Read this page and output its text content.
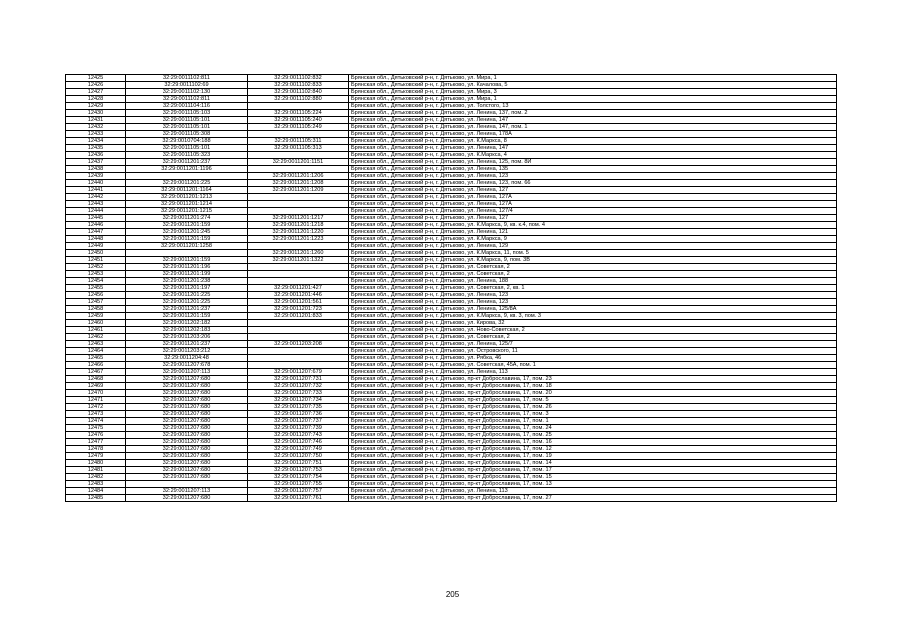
12425	32:29:0011102:811	32:29:0011102:832	Брянская обл., Дятьковский р-н, г. Дятьково, ул. Мира, 1
12426	32:29:0011102:69	32:29:0011102:833	Брянская обл., Дятьковский р-н, г. Дятьково, ул. Качалова, 5
12427	32:29:0011102:130	32:29:0011102:840	Брянская обл., Дятьковский р-н, г. Дятьково, ул. Мира, 3
12428	32:29:0011102:811	32:29:0011102:880	Брянская обл., Дятьковский р-н, г. Дятьково, ул. Мира, 1
12429	32:29:0011104:116		Брянская обл., Дятьковский р-н, г. Дятьково, ул. Толстого, 13
12430	32:29:0011105:103	32:29:0011105:224	Брянская обл., Дятьковский р-н, г. Дятьково, ул. Ленина, 137, пом. 2
12431	32:29:0011105:101	32:29:0011105:240	Брянская обл., Дятьковский р-н, г. Дятьково, ул. Ленина, 147
12432	32:29:0011105:101	32:29:0011105:249	Брянская обл., Дятьковский р-н, г. Дятьково, ул. Ленина, 147, пом. 1
12433	32:29:0011105:308		Брянская обл., Дятьковский р-н, г. Дятьково, ул. Ленина, 178А
12434	32:29:0010704:188	32:29:0011105:311	Брянская обл., Дятьковский р-н, г. Дятьково, ул. К.Маркса, 8
12435	32:29:0011105:101	32:29:0011105:313	Брянская обл., Дятьковский р-н, г. Дятьково, ул. Ленина, 147
12436	32:29:0011105:323		Брянская обл., Дятьковский р-н, г. Дятьково, ул. К.Маркса, 4
12437	32:29:0011201:237	32:29:0011201:1151	Брянская обл., Дятьковский р-н, г. Дятьково, ул. Ленина, 125, пом. 8И
12438	32:29:0011201:1196		Брянская обл., Дятьковский р-н, г. Дятьково, ул. Ленина, 135
12439		32:29:0011201:1206	Брянская обл., Дятьковский р-н, г. Дятьково, ул. Ленина, 123
12440	32:29:0011201:225	32:29:0011201:1208	Брянская обл., Дятьковский р-н, г. Дятьково, ул. Ленина, 123, пом. 66
12441	32:29:0011201:1164	32:29:0011201:1209	Брянская обл., Дятьковский р-н, г. Дятьково, ул. Ленина, 127
12442	32:29:0011201:1213		Брянская обл., Дятьковский р-н, г. Дятьково, ул. Ленина, 127А
12443	32:29:0011201:1214		Брянская обл., Дятьковский р-н, г. Дятьково, ул. Ленина, 127А
12444	32:29:0011201:1215		Брянская обл., Дятьковский р-н, г. Дятьково, ул. Ленина, 127/4
12445	32:29:0011201:274	32:29:0011201:1217	Брянская обл., Дятьковский р-н, г. Дятьково, ул. Ленина, 127
12446	32:29:0011201:159	32:29:0011201:1218	Брянская обл., Дятьковский р-н, г. Дятьково, ул. К.Маркса, 9, кв. к.4, пом. 4
12447	32:29:0011201:245	32:29:0011201:1220	Брянская обл., Дятьковский р-н, г. Дятьково, ул. Ленина, 121
12448	32:29:0011201:159	32:29:0011201:1223	Брянская обл., Дятьковский р-н, г. Дятьково, ул. К.Маркса, 9
12449	32:29:0011201:1258		Брянская обл., Дятьковский р-н, г. Дятьково, ул. Ленина, 129
12450		32:29:0011201:1260	Брянская обл., Дятьковский р-н, г. Дятьково, ул. К.Маркса, 11, пом. 5
12451	32:29:0011201:159	32:29:0011201:1322	Брянская обл., Дятьковский р-н, г. Дятьково, ул. К.Маркса, 9, пом. 3В
12452	32:29:0011201:196		Брянская обл., Дятьковский р-н, г. Дятьково, ул. Советская, 2
12453	32:29:0011201:199		Брянская обл., Дятьковский р-н, г. Дятьково, ул. Советская, 2
12454	32:29:0011201:238		Брянская обл., Дятьковский р-н, г. Дятьково, ул. Ленина, 188
12455	32:29:0011201:197	32:29:0011201:427	Брянская обл., Дятьковский р-н, г. Дятьково, ул. Советская, 2, кв. 1
12456	32:29:0011201:225	32:29:0011201:446	Брянская обл., Дятьковский р-н, г. Дятьково, ул. Ленина, 123
12457	32:29:0011201:225	32:29:0011201:561	Брянская обл., Дятьковский р-н, г. Дятьково, ул. Ленина, 123
12458	32:29:0011201:237	32:29:0011201:723	Брянская обл., Дятьковский р-н, г. Дятьково, ул. Ленина, 125/8А
12459	32:29:0011201:159	32:29:0011201:833	Брянская обл., Дятьковский р-н, г. Дятьково, ул. К.Маркса, 9, кв. 3, пом. 3
12460	32:29:0011202:182		Брянская обл., Дятьковский р-н, г. Дятьково, ул. Кирова, 32
12461	32:29:0011202:183		Брянская обл., Дятьковский р-н, г. Дятьково, ул. Ново-Советская, 2
12462	32:29:0011203:206		Брянская обл., Дятьковский р-н, г. Дятьково, ул. Советская, 2
12463	32:29:0011201:237	32:29:0011203:208	Брянская обл., Дятьковский р-н, г. Дятьково, ул. Ленина, 125/7
12464	32:29:0011203:212		Брянская обл., Дятьковский р-н, г. Дятьково, ул. Островского, 11
12465	32:29:0011204:48		Брянская обл., Дятьковский р-н, г. Дятьково, ул. Рябка, 46
12466	32:29:0011207:678		Брянская обл., Дятьковский р-н, г. Дятьково, ул. Советская, 45А, пом. 1
12467	32:29:0011207:113	32:29:0011207:679	Брянская обл., Дятьковский р-н, г. Дятьково, ул. Ленина, 113
12468	32:29:0011207:680	32:29:0011207:731	Брянская обл., Дятьковский р-н, г. Дятьково, пр-кт Доброславина, 17, пом. 23
12469	32:29:0011207:680	32:29:0011207:732	Брянская обл., Дятьковский р-н, г. Дятьково, пр-кт Доброславина, 17, пом. 18
12470	32:29:0011207:680	32:29:0011207:733	Брянская обл., Дятьковский р-н, г. Дятьково, пр-кт Доброславина, 17, пом. 20
12471	32:29:0011207:680	32:29:0011207:734	Брянская обл., Дятьковский р-н, г. Дятьково, пр-кт Доброславина, 17, пом. 5
12472	32:29:0011207:680	32:29:0011207:735	Брянская обл., Дятьковский р-н, г. Дятьково, пр-кт Доброславина, 17, пом. 26
12473	32:29:0011207:680	32:29:0011207:736	Брянская обл., Дятьковский р-н, г. Дятьково, пр-кт Доброславина, 17, пом. 3
12474	32:29:0011207:680	32:29:0011207:737	Брянская обл., Дятьковский р-н, г. Дятьково, пр-кт Доброславина, 17, пом. 1
12475	32:29:0011207:680	32:29:0011207:739	Брянская обл., Дятьковский р-н, г. Дятьково, пр-кт Доброславина, 17, пом. 24
12476	32:29:0011207:680	32:29:0011207:743	Брянская обл., Дятьковский р-н, г. Дятьково, пр-кт Доброславина, 17, пом. 25
12477	32:29:0011207:680	32:29:0011207:746	Брянская обл., Дятьковский р-н, г. Дятьково, пр-кт Доброславина, 17, пом. 16
12478	32:29:0011207:680	32:29:0011207:749	Брянская обл., Дятьковский р-н, г. Дятьково, пр-кт Доброславина, 17, пом. 12
12479	32:29:0011207:680	32:29:0011207:750	Брянская обл., Дятьковский р-н, г. Дятьково, пр-кт Доброславина, 17, пом. 19
12480	32:29:0011207:680	32:29:0011207:751	Брянская обл., Дятьковский р-н, г. Дятьково, пр-кт Доброславина, 17, пом. 14
12481	32:29:0011207:680	32:29:0011207:753	Брянская обл., Дятьковский р-н, г. Дятьково, пр-кт Доброславина, 17, пом. 17
12482	32:29:0011207:680	32:29:0011207:754	Брянская обл., Дятьковский р-н, г. Дятьково, пр-кт Доброславина, 17, пом. 15
12483		32:29:0011207:755	Брянская обл., Дятьковский р-н, г. Дятьково, пр-кт Доброславина, 17, пом. 13
12484	32:29:0011207:113	32:29:0011207:757	Брянская обл., Дятьковский р-н, г. Дятьково, ул. Ленина, 113
12485	32:29:0011207:680	32:29:0011207:761	Брянская обл., Дятьковский р-н, г. Дятьково, пр-кт Доброславина, 17, пом. 27
205
